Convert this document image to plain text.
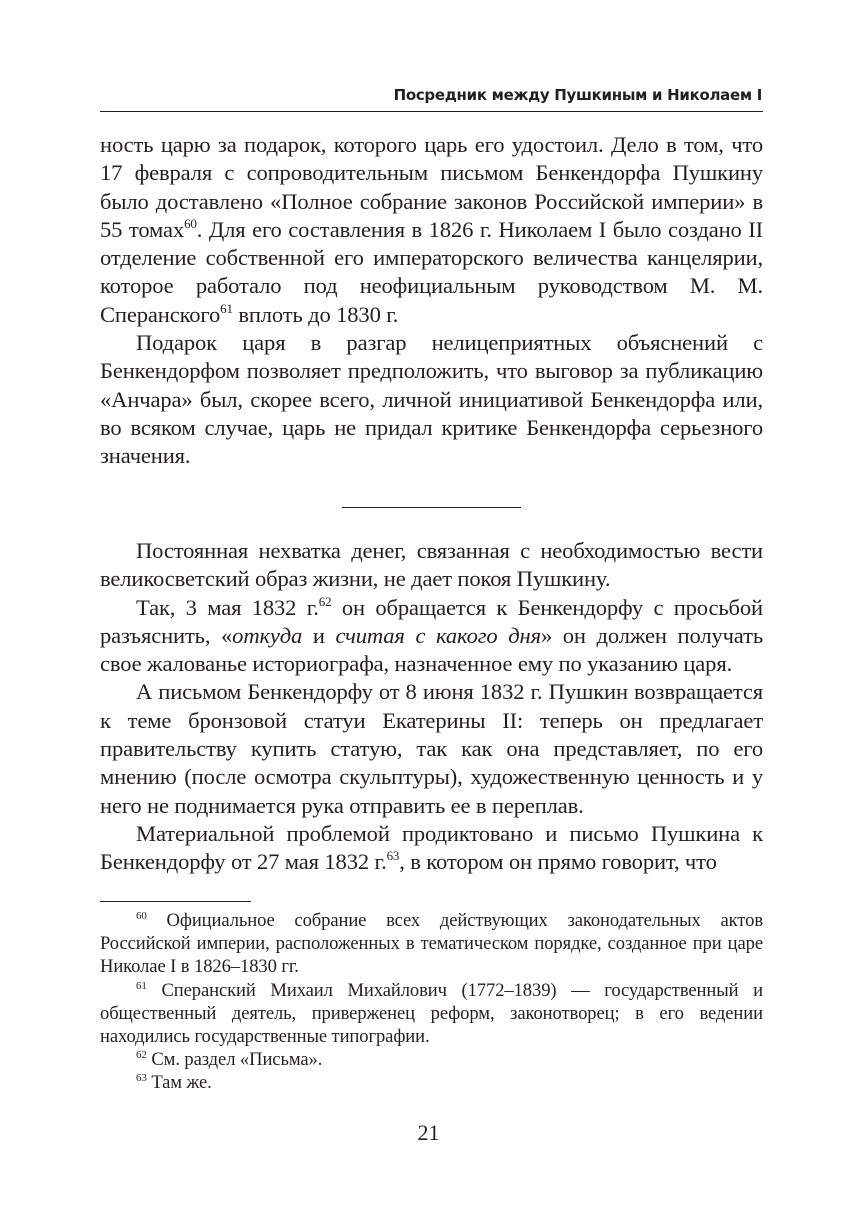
Посредник между Пушкиным и Николаем I

ность царю за подарок, которого царь его удостоил. Дело в том, что 17 февраля с сопроводительным письмом Бенкендорфа Пушкину было доставлено «Полное собрание законов Российской империи» в 55 томах$^{60}$. Для его составления в 1826 г. Николаем I было создано II отделение собственной его императорского величества канцелярии, которое работало под неофициальным руководством М. М. Сперанского$^{61}$ вплоть до 1830 г.

Подарок царя в разгар нелицеприятных объяснений с Бенкендорфом позволяет предположить, что выговор за публикацию «Анчара» был, скорее всего, личной инициативой Бенкендорфа или, во всяком случае, царь не придал критике Бенкендорфа серьезного значения.

Постоянная нехватка денег, связанная с необходимостью вести великосветский образ жизни, не дает покоя Пушкину.

Так, 3 мая 1832 г.$^{62}$ он обращается к Бенкендорфу с просьбой разъяснить, «откуда и считая с какого дня» он должен получать свое жалованье историографа, назначенное ему по указанию царя.

А письмом Бенкендорфу от 8 июня 1832 г. Пушкин возвращается к теме бронзовой статуи Екатерины II: теперь он предлагает правительству купить статую, так как она представляет, по его мнению (после осмотра скульптуры), художественную ценность и у него не поднимается рука отправить ее в переплав.

Материальной проблемой продиктовано и письмо Пушкина к Бенкендорфу от 27 мая 1832 г.$^{63}$, в котором он прямо говорит, что

$^{60}$ Официальное собрание всех действующих законодательных актов Российской империи, расположенных в тематическом порядке, созданное при царе Николае I в 1826–1830 гг.

$^{61}$ Сперанский Михаил Михайлович (1772–1839) — государственный и общественный деятель, приверженец реформ, законотворец; в его ведении находились государственные типографии.

$^{62}$ См. раздел «Письма».

$^{63}$ Там же.

21
